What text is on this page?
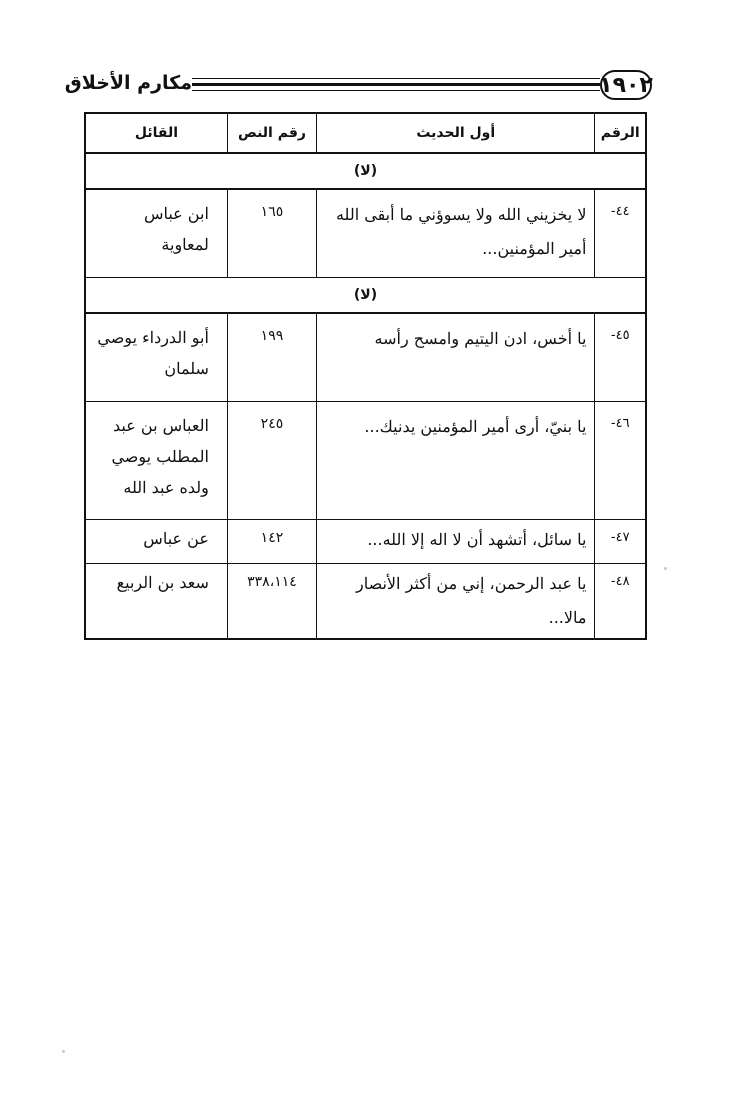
١٩٠٢
مكارم الأخلاق
الرقم	أول الحديث	رقم النص	القائل
(لا)			
٤٤-	لا يخزيني الله ولا يسوؤني ما أبقى الله أمير المؤمنين...	١٦٥	ابن عباس لمعاوية
(لا)			
٤٥-	يا أخس، ادن اليتيم وامسح رأسه	١٩٩	أبو الدرداء يوصي سلمان
٤٦-	يا بنيّ، أرى أمير المؤمنين يدنيك...	٢٤٥	العباس بن عبد المطلب يوصي ولده عبد الله
٤٧-	يا سائل، أتشهد أن لا اله إلا الله...	١٤٢	عن عباس
٤٨-	يا عبد الرحمن، إني من أكثر الأنصار مالا...	٣٣٨،١١٤	سعد بن الربيع
